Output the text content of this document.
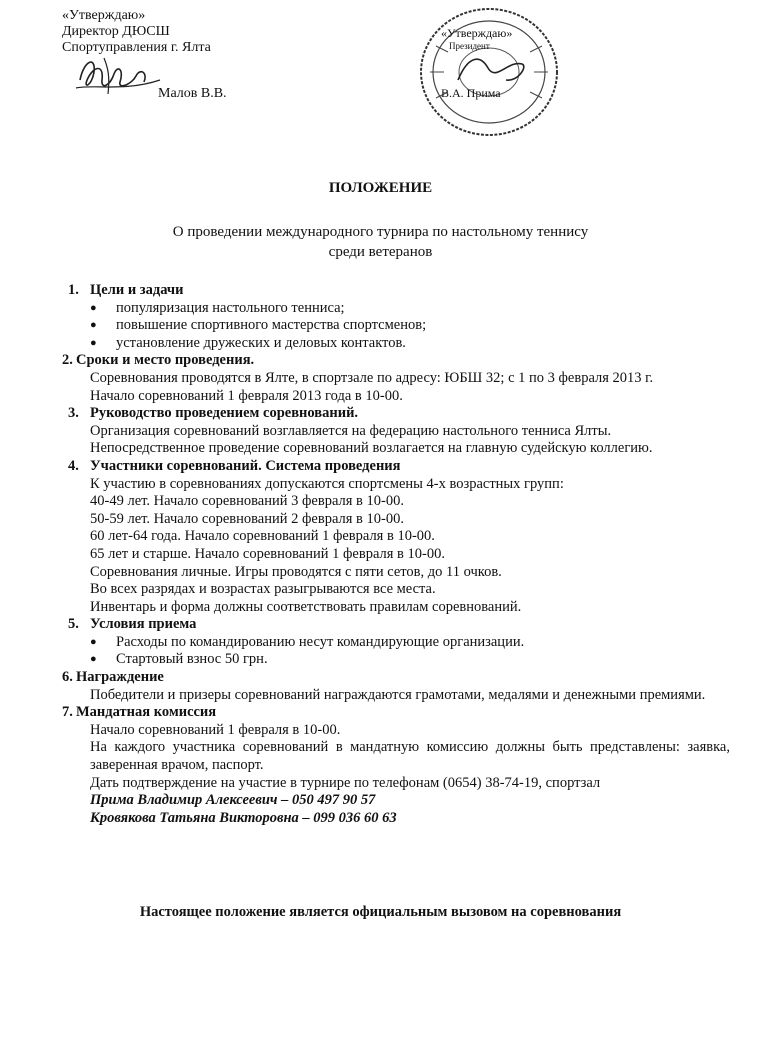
«Утверждаю»
Директор ДЮСШ
Спортуправления г. Ялта
Малов В.В.
«Утверждаю»
Президент
В.А. Прима
ПОЛОЖЕНИЕ
О проведении международного турнира по настольному теннису
среди ветеранов
1. Цели и задачи
● популяризация настольного тенниса;
● повышение спортивного мастерства спортсменов;
● установление дружеских и деловых контактов.
2. Сроки и место проведения.
Соревнования проводятся в Ялте, в спортзале по адресу: ЮБШ 32; с 1 по 3 февраля 2013 г.
Начало соревнований 1 февраля 2013 года в 10-00.
3. Руководство проведением соревнований.
Организация соревнований возглавляется на федерацию настольного тенниса Ялты.
Непосредственное проведение соревнований возлагается на главную судейскую коллегию.
4. Участники соревнований. Система проведения
К участию в соревнованиях допускаются спортсмены 4-х возрастных групп:
40-49 лет. Начало соревнований 3 февраля в 10-00.
50-59 лет. Начало соревнований 2 февраля в 10-00.
60 лет-64 года. Начало соревнований 1 февраля в 10-00.
65 лет и старше. Начало соревнований 1 февраля в 10-00.
Соревнования личные. Игры проводятся с пяти сетов, до 11 очков.
Во всех разрядах и возрастах разыгрываются все места.
Инвентарь и форма должны соответствовать правилам соревнований.
5. Условия приема
● Расходы по командированию несут командирующие организации.
● Стартовый взнос 50 грн.
6. Награждение
Победители и призеры соревнований награждаются грамотами, медалями и денежными премиями.
7. Мандатная комиссия
Начало соревнований 1 февраля в 10-00.
На каждого участника соревнований в мандатную комиссию должны быть представлены: заявка, заверенная врачом, паспорт.
Дать подтверждение на участие в турнире по телефонам (0654) 38-74-19, спортзал
Прима Владимир Алексеевич – 050 497 90 57
Кровякова Татьяна Викторовна – 099 036 60 63
Настоящее положение является официальным вызовом на соревнования
